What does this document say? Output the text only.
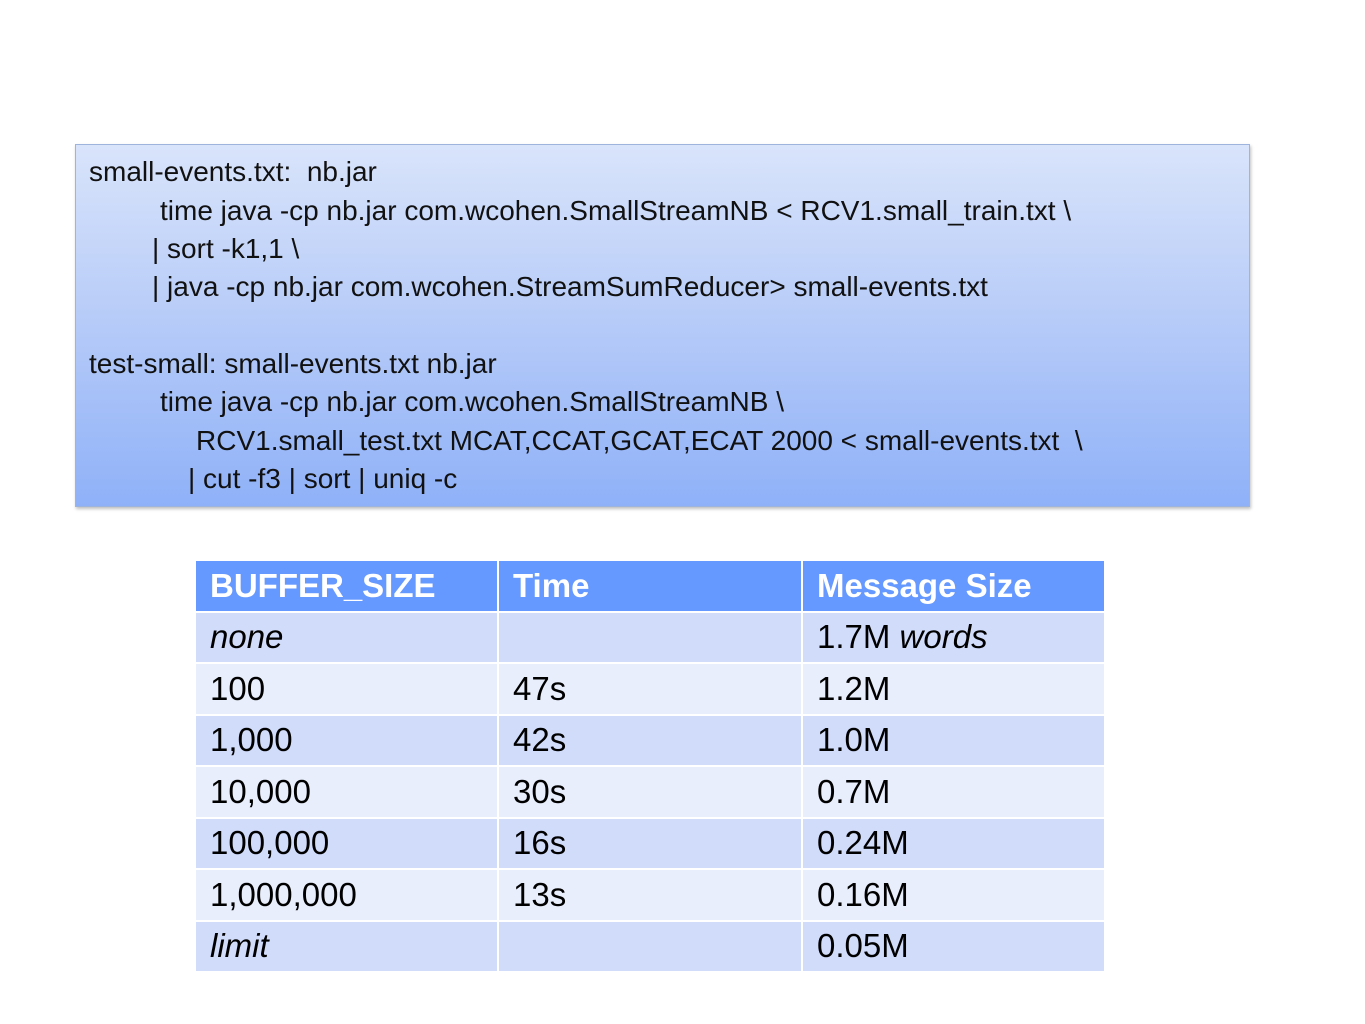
small-events.txt:  nb.jar
time java -cp nb.jar com.wcohen.SmallStreamNB < RCV1.small_train.txt \
| sort -k1,1 \
| java -cp nb.jar com.wcohen.StreamSumReducer> small-events.txt
test-small: small-events.txt nb.jar
time java -cp nb.jar com.wcohen.SmallStreamNB \
RCV1.small_test.txt MCAT,CCAT,GCAT,ECAT 2000 < small-events.txt  \
| cut -f3 | sort | uniq -c
BUFFER_SIZE	Time	Message Size
none		1.7M words
100	47s	1.2M
1,000	42s	1.0M
10,000	30s	0.7M
100,000	16s	0.24M
1,000,000	13s	0.16M
limit		0.05M
